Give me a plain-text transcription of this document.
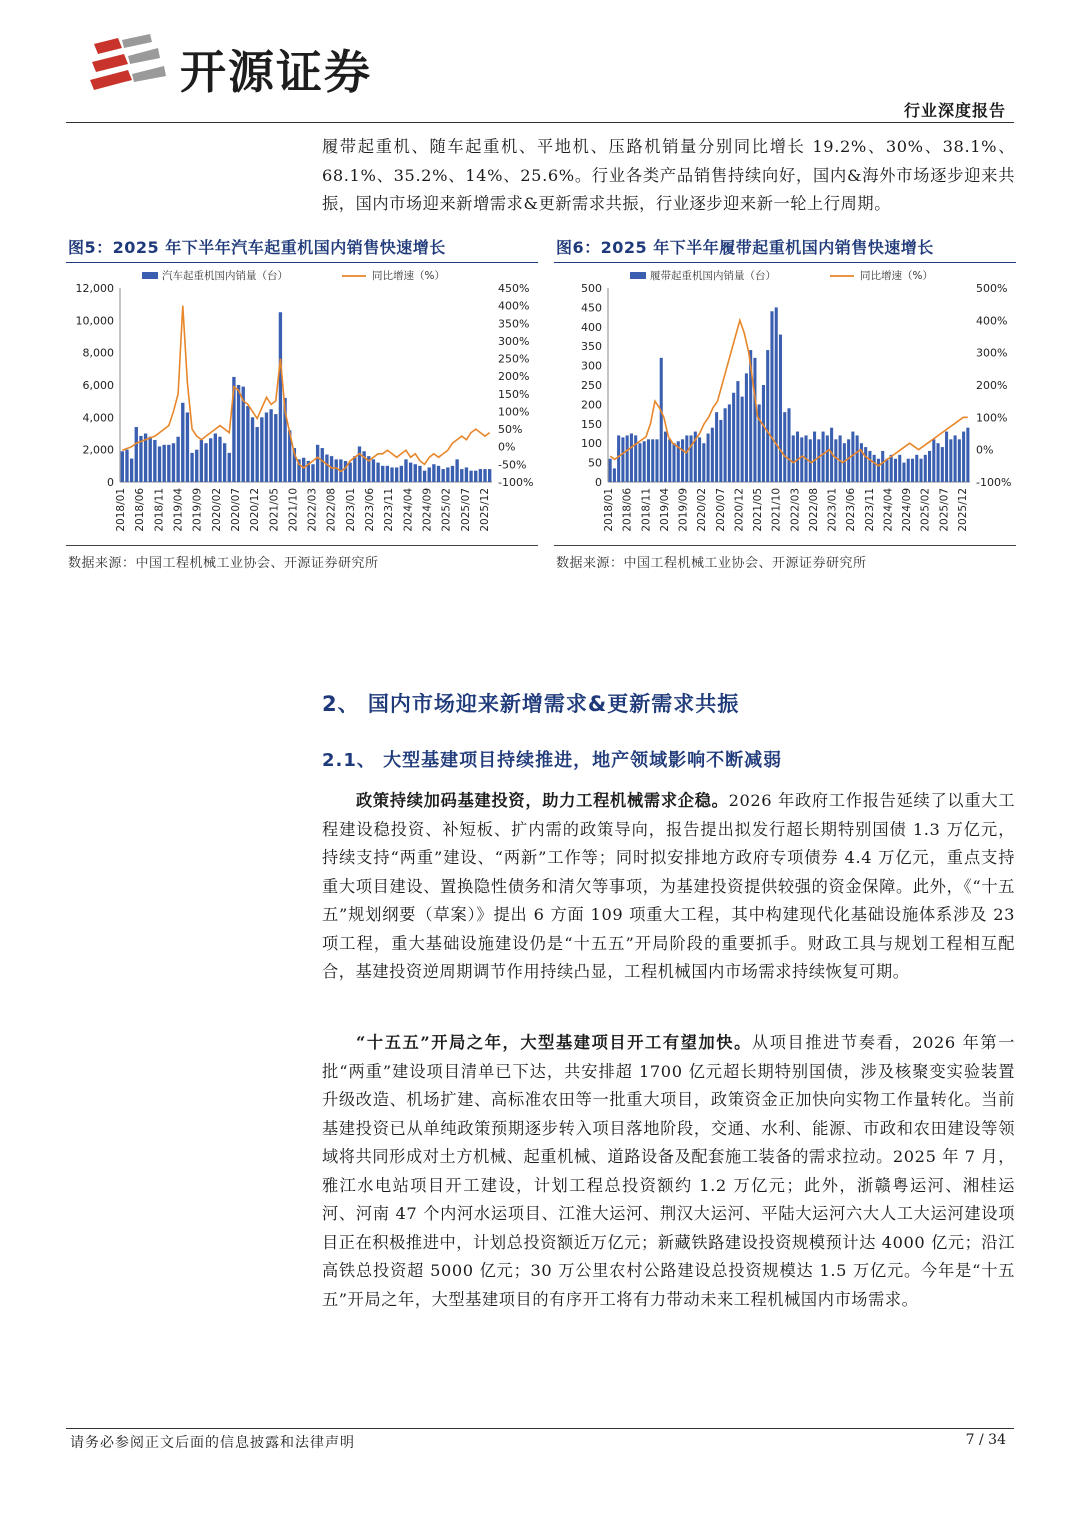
开源证券
行业深度报告
履带起重机、随车起重机、平地机、压路机销量分别同比增长 19.2%、30%、38.1%、68.1%、35.2%、14%、25.6%。行业各类产品销售持续向好，国内&海外市场逐步迎来共振，国内市场迎来新增需求&更新需求共振，行业逐步迎来新一轮上行周期。
图5：2025 年下半年汽车起重机国内销售快速增长
0
2,000
4,000
6,000
8,000
10,000
12,000
-100%
-50%
0%
50%
100%
150%
200%
250%
300%
350%
400%
450%
2018/01 2018/06 2018/11 2019/04 2019/09 2020/02 2020/07 2020/12 2021/05 2021/10 2022/03 2022/08 2023/01 2023/06 2023/11 2024/04 2024/09 2025/02 2025/07 2025/12
汽车起重机国内销量（台）	同比增速（%）
数据来源：中国工程机械工业协会、开源证券研究所
图6：2025 年下半年履带起重机国内销售快速增长
0
50
100
150
200
250
300
350
400
450
500
-100%
0%
100%
200%
300%
400%
500%
2018/01 2018/06 2018/11 2019/04 2019/09 2020/02 2020/07 2020/12 2021/05 2021/10 2022/03 2022/08 2023/01 2023/06 2023/11 2024/04 2024/09 2025/02 2025/07 2025/12
履带起重机国内销量（台）	同比增速（%）
数据来源：中国工程机械工业协会、开源证券研究所
2、 国内市场迎来新增需求&更新需求共振
2.1、 大型基建项目持续推进，地产领域影响不断减弱
政策持续加码基建投资，助力工程机械需求企稳。2026 年政府工作报告延续了以重大工程建设稳投资、补短板、扩内需的政策导向，报告提出拟发行超长期特别国债 1.3 万亿元，持续支持“两重”建设、“两新”工作等；同时拟安排地方政府专项债券 4.4 万亿元，重点支持重大项目建设、置换隐性债务和清欠等事项，为基建投资提供较强的资金保障。此外，《“十五五”规划纲要（草案）》提出 6 方面 109 项重大工程，其中构建现代化基础设施体系涉及 23 项工程，重大基础设施建设仍是“十五五”开局阶段的重要抓手。财政工具与规划工程相互配合，基建投资逆周期调节作用持续凸显，工程机械国内市场需求持续恢复可期。
“十五五”开局之年，大型基建项目开工有望加快。从项目推进节奏看，2026 年第一批“两重”建设项目清单已下达，共安排超 1700 亿元超长期特别国债，涉及核聚变实验装置升级改造、机场扩建、高标准农田等一批重大项目，政策资金正加快向实物工作量转化。当前基建投资已从单纯政策预期逐步转入项目落地阶段，交通、水利、能源、市政和农田建设等领域将共同形成对土方机械、起重机械、道路设备及配套施工装备的需求拉动。2025 年 7 月，雅江水电站项目开工建设，计划工程总投资额约 1.2 万亿元；此外，浙赣粤运河、湘桂运河、河南 47 个内河水运项目、江淮大运河、荆汉大运河、平陆大运河六大人工大运河建设项目正在积极推进中，计划总投资额近万亿元；新藏铁路建设投资规模预计达 4000 亿元；沿江高铁总投资超 5000 亿元；30 万公里农村公路建设总投资规模达 1.5 万亿元。今年是“十五五”开局之年，大型基建项目的有序开工将有力带动未来工程机械国内市场需求。
请务必参阅正文后面的信息披露和法律声明	7 / 34
